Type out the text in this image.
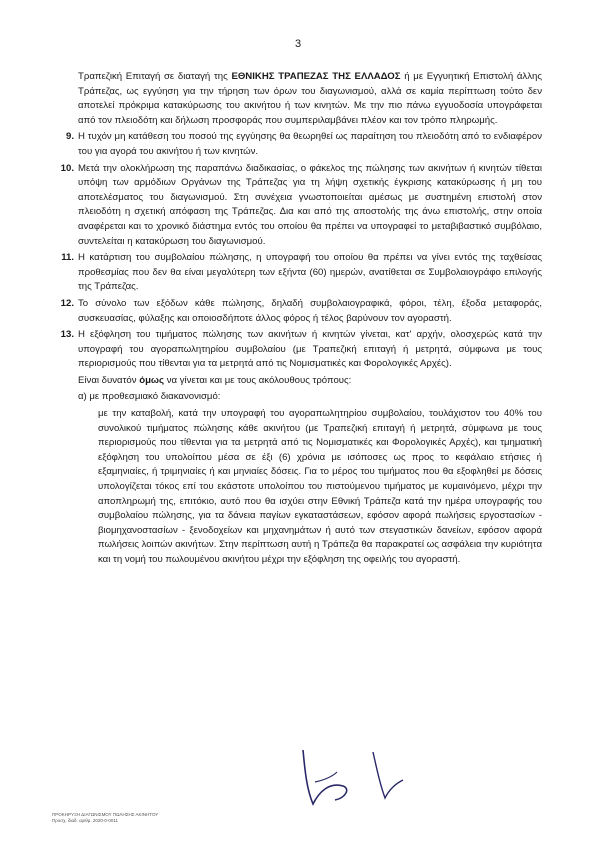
3

Τραπεζική Επιταγή σε διαταγή της ΕΘΝΙΚΗΣ ΤΡΑΠΕΖΑΣ ΤΗΣ ΕΛΛΑΔΟΣ ή με Εγγυητική Επιστολή άλλης Τράπεζας, ως εγγύηση για την τήρηση των όρων του διαγωνισμού, αλλά σε καμία περίπτωση τούτο δεν αποτελεί πρόκριμα κατακύρωσης του ακινήτου ή των κινητών. Με την πιο πάνω εγγυοδοσία υπογράφεται από τον πλειοδότη και δήλωση προσφοράς που συμπεριλαμβάνει πλέον και τον τρόπο πληρωμής.

9. Η τυχόν μη κατάθεση του ποσού της εγγύησης θα θεωρηθεί ως παραίτηση του πλειοδότη από το ενδιαφέρον του για αγορά του ακινήτου ή των κινητών.
10. Μετά την ολοκλήρωση της παραπάνω διαδικασίας, ο φάκελος της πώλησης των ακινήτων ή κινητών τίθεται υπόψη των αρμόδιων Οργάνων της Τράπεζας για τη λήψη σχετικής έγκρισης κατακύρωσης ή μη του αποτελέσματος του διαγωνισμού. Στη συνέχεια γνωστοποιείται αμέσως με συστημένη επιστολή στον πλειοδότη η σχετική απόφαση της Τράπεζας. Δια και από της αποστολής της άνω επιστολής, στην οποία αναφέρεται και το χρονικό διάστημα εντός του οποίου θα πρέπει να υπογραφεί το μεταβιβαστικό συμβόλαιο, συντελείται η κατακύρωση του διαγωνισμού.
11. Η κατάρτιση του συμβολαίου πώλησης, η υπογραφή του οποίου θα πρέπει να γίνει εντός της ταχθείσας προθεσμίας που δεν θα είναι μεγαλύτερη των εξήντα (60) ημερών, ανατίθεται σε Συμβολαιογράφο επιλογής της Τράπεζας.
12. Το σύνολο των εξόδων κάθε πώλησης, δηλαδή συμβολαιογραφικά, φόροι, τέλη, έξοδα μεταφοράς, συσκευασίας, φύλαξης και οποιοσδήποτε άλλος φόρος ή τέλος βαρύνουν τον αγοραστή.
13. Η εξόφληση του τιμήματος πώλησης των ακινήτων ή κινητών γίνεται, κατ' αρχήν, ολοσχερώς κατά την υπογραφή του αγοραπωλητηρίου συμβολαίου (με Τραπεζική επιταγή ή μετρητά, σύμφωνα με τους περιορισμούς που τίθενται για τα μετρητά από τις Νομισματικές και Φορολογικές Αρχές).

Είναι δυνατόν όμως να γίνεται και με τους ακόλουθους τρόπους:

α) με προθεσμιακό διακανονισμό:
με την καταβολή, κατά την υπογραφή του αγοραπωλητηρίου συμβολαίου, τουλάχιστον του 40% του συνολικού τιμήματος πώλησης κάθε ακινήτου (με Τραπεζική επιταγή ή μετρητά, σύμφωνα με τους περιορισμούς που τίθενται για τα μετρητά από τις Νομισματικές και Φορολογικές Αρχές), και τμηματική εξόφληση του υπολοίπου μέσα σε έξι (6) χρόνια με ισόποσες ως προς το κεφάλαιο ετήσιες ή εξαμηνιαίες, ή τριμηνιαίες ή και μηνιαίες δόσεις. Για το μέρος του τιμήματος που θα εξοφληθεί με δόσεις υπολογίζεται τόκος επί του εκάστοτε υπολοίπου του πιστούμενου τιμήματος με κυμαινόμενο, μέχρι την αποπληρωμή της, επιτόκιο, αυτό που θα ισχύει στην Εθνική Τράπεζα κατά την ημέρα υπογραφής του συμβολαίου πώλησης, για τα δάνεια παγίων εγκαταστάσεων, εφόσον αφορά πωλήσεις εργοστασίων - βιομηχανοστασίων - ξενοδοχείων και μηχανημάτων ή αυτό των στεγαστικών δανείων, εφόσον αφορά πωλήσεις λοιπών ακινήτων. Στην περίπτωση αυτή η Τράπεζα θα παρακρατεί ως ασφάλεια την κυριότητα και τη νομή του πωλουμένου ακινήτου μέχρι την εξόφληση της οφειλής του αγοραστή.
ΠΡΟΚΗΡΥΞΗ ΔΙΑΓΩΝΙΣΜΟΥ ΠΩΛΗΣΗΣ ΑΚΙΝΗΤΟΥ
Προσχ. διαδ. αριθμ. 2020-0-0011
